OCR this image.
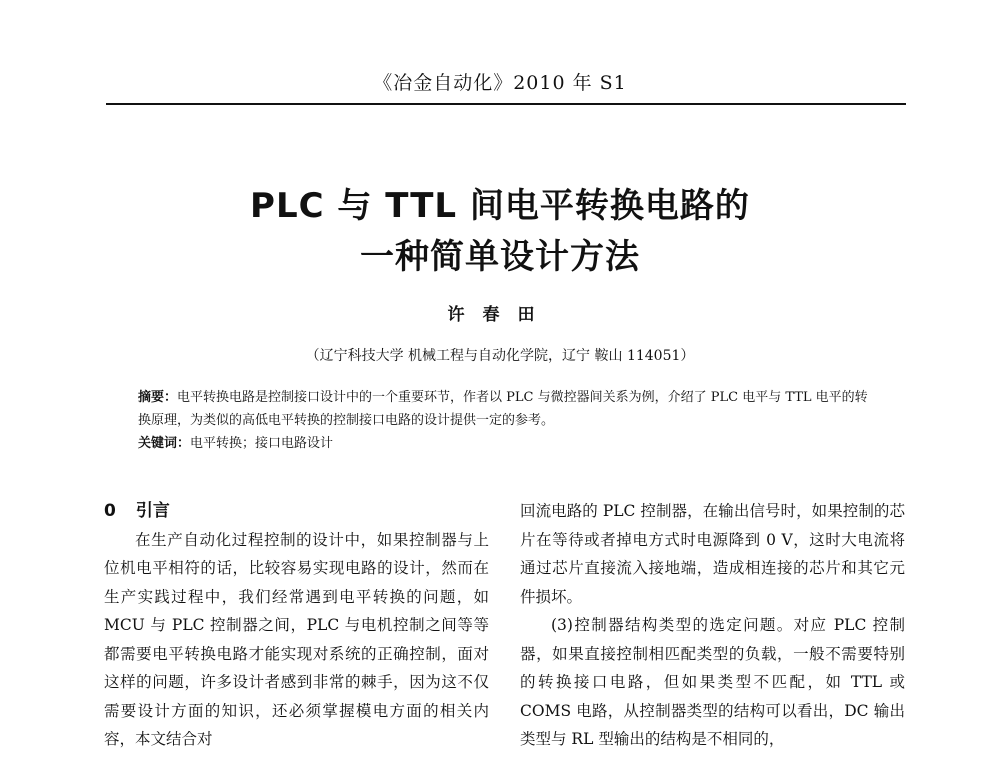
《冶金自动化》2010 年 S1
PLC 与 TTL 间电平转换电路的
一种简单设计方法
许春田
（辽宁科技大学 机械工程与自动化学院，辽宁 鞍山 114051）

摘要：电平转换电路是控制接口设计中的一个重要环节，作者以 PLC 与微控器间关系为例，介绍了 PLC 电平与 TTL 电平的转换原理，为类似的高低电平转换的控制接口电路的设计提供一定的参考。

关键词：电平转换；接口电路设计

0 引言

在生产自动化过程控制的设计中，如果控制器与上位机电平相符的话，比较容易实现电路的设计，然而在生产实践过程中，我们经常遇到电平转换的问题，如 MCU 与 PLC 控制器之间，PLC 与电机控制之间等等都需要电平转换电路才能实现对系统的正确控制，面对这样的问题，许多设计者感到非常的棘手，因为这不仅需要设计方面的知识，还必须掌握模电方面的相关内容，本文结合对

回流电路的 PLC 控制器，在输出信号时，如果控制的芯片在等待或者掉电方式时电源降到 0 V，这时大电流将通过芯片直接流入接地端，造成相连接的芯片和其它元件损坏。

(3)控制器结构类型的选定问题。对应 PLC 控制器，如果直接控制相匹配类型的负载，一般不需要特别的转换接口电路，但如果类型不匹配，如 TTL 或 COMS 电路，从控制器类型的结构可以看出，DC 输出类型与 RL 型输出的结构是不相同的，
